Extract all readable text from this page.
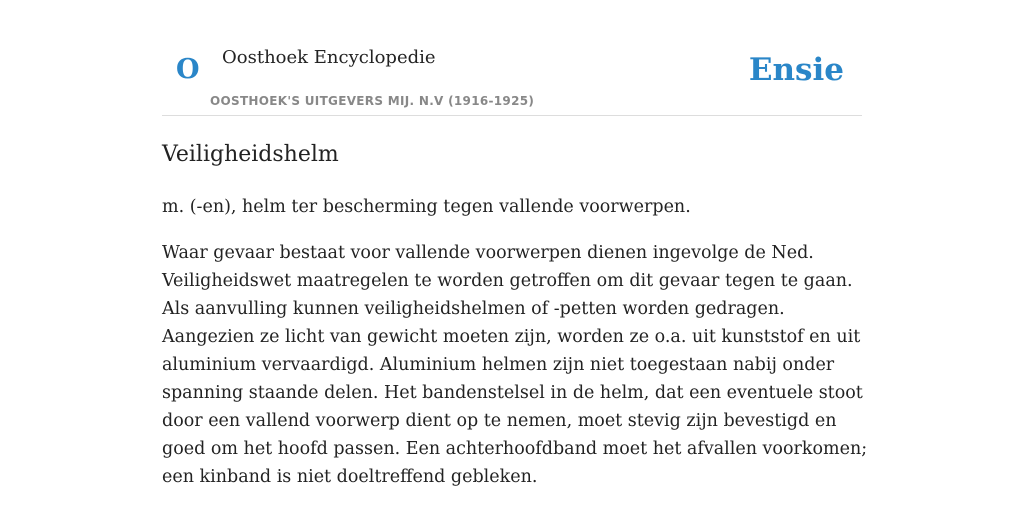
O Oosthoek Encyclopedie
OOSTHOEK'S UITGEVERS MIJ. N.V (1916-1925)
Ensie
Veiligheidshelm

m. (-en), helm ter bescherming tegen vallende voorwerpen.

Waar gevaar bestaat voor vallende voorwerpen dienen ingevolge de Ned. Veiligheidswet maatregelen te worden getroffen om dit gevaar tegen te gaan. Als aanvulling kunnen veiligheidshelmen of -petten worden gedragen. Aangezien ze licht van gewicht moeten zijn, worden ze o.a. uit kunststof en uit aluminium vervaardigd. Aluminium helmen zijn niet toegestaan nabij onder spanning staande delen. Het bandenstelsel in de helm, dat een eventuele stoot door een vallend voorwerp dient op te nemen, moet stevig zijn bevestigd en goed om het hoofd passen. Een achterhoofdband moet het afvallen voorkomen; een kinband is niet doeltreffend gebleken.
